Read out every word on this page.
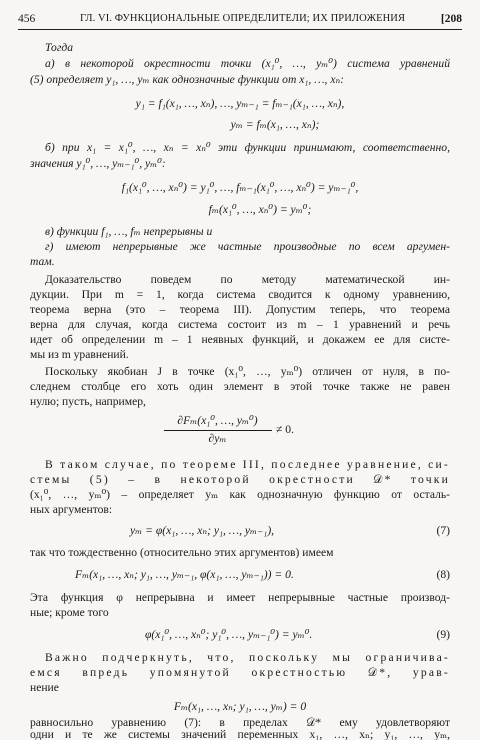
456	ГЛ. VI. ФУНКЦИОНАЛЬНЫЕ ОПРЕДЕЛИТЕЛИ; ИХ ПРИЛОЖЕНИЯ	[208
Тогда
а) в некоторой окрестности точки (x₁⁰, …, yₘ⁰) система уравнений
(5) определяет y₁, …, yₘ как однозначные функции от x₁, …, xₙ:
y₁ = f₁(x₁, …, xₙ), …, yₘ₋₁ = fₘ₋₁(x₁, …, xₙ),
yₘ = fₘ(x₁, …, xₙ);
б) при x₁ = x₁⁰, …, xₙ = xₙ⁰ эти функции принимают, соответственно,
значения y₁⁰, …, yₘ₋₁⁰, yₘ⁰:
f₁(x₁⁰, …, xₙ⁰) = y₁⁰, …, fₘ₋₁(x₁⁰, …, xₙ⁰) = yₘ₋₁⁰,
fₘ(x₁⁰, …, xₙ⁰) = yₘ⁰;
в) функции f₁, …, fₘ непрерывны и
г) имеют непрерывные же частные производные по всем аргумен-
там.
Доказательство поведем по методу математической ин-
дукции. При m = 1, когда система сводится к одному уравнению,
теорема верна (это – теорема III). Допустим теперь, что теорема
верна для случая, когда система состоит из m – 1 уравнений и речь
идет об определении m – 1 неявных функций, и докажем ее для систе-
мы из m уравнений.
Поскольку якобиан J в точке (x₁⁰, …, yₘ⁰) отличен от нуля, в по-
следнем столбце его хоть один элемент в этой точке также не равен
нулю; пусть, например,
∂Fₘ(x₁⁰, …, yₘ⁰)
∂yₘ
≠ 0.
В таком случае, по теореме III, последнее уравнение, си-
стемы (5) – в некоторой окрестности 𝒟* точки
(x₁⁰, …, yₘ⁰) – определяет yₘ как однозначную функцию от осталь-
ных аргументов:
yₘ = φ(x₁, …, xₙ; y₁, …, yₘ₋₁),	(7)
так что тождественно (относительно этих аргументов) имеем
Fₘ(x₁, …, xₙ; y₁, …, yₘ₋₁, φ(x₁, …, yₘ₋₁)) = 0.	(8)
Эта функция φ непрерывна и имеет непрерывные частные производ-
ные; кроме того
φ(x₁⁰, …, xₙ⁰; y₁⁰, …, yₘ₋₁⁰) = yₘ⁰.	(9)
Важно подчеркнуть, что, поскольку мы ограничива-
емся впредь упомянутой окрестностью 𝒟*, урав-
нение
Fₘ(x₁, …, xₙ; y₁, …, yₘ) = 0
равносильно уравнению (7): в пределах 𝒟* ему удовлетворяют
одни и те же системы значений переменных x₁, …, xₙ; y₁, …, yₘ,
